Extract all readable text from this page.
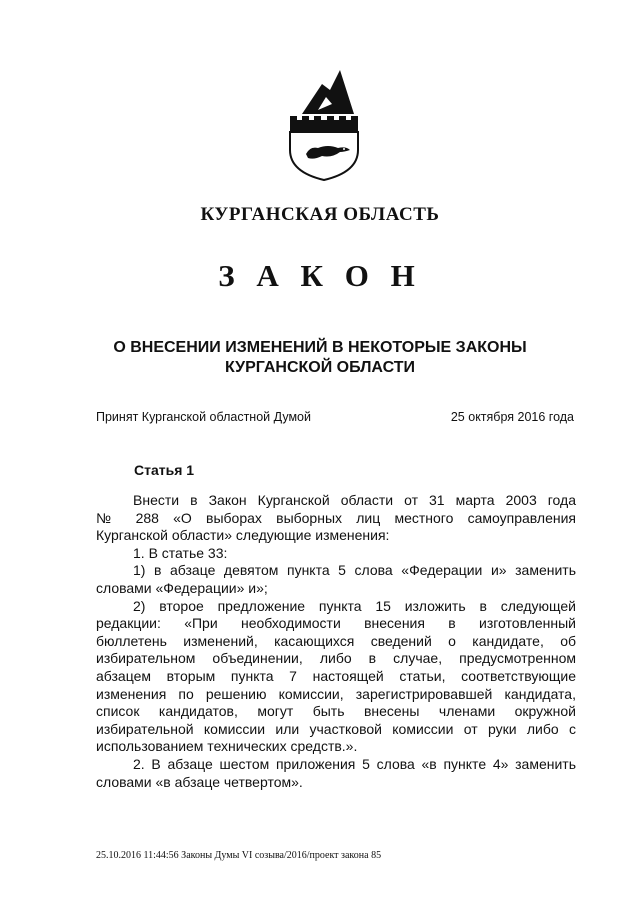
КУРГАНСКАЯ ОБЛАСТЬ
З А К О Н
О ВНЕСЕНИИ ИЗМЕНЕНИЙ В НЕКОТОРЫЕ ЗАКОНЫ
КУРГАНСКОЙ ОБЛАСТИ
Принят Курганской областной Думой	25 октября 2016 года
Статья 1
Внести в Закон Курганской области от 31 марта 2003 года
№ 288 «О выборах выборных лиц местного самоуправления
Курганской области» следующие изменения:
1. В статье 33:
1) в абзаце девятом пункта 5 слова «Федерации и» заменить
словами «Федерации» и»;
2) второе предложение пункта 15 изложить в следующей
редакции: «При необходимости внесения в изготовленный
бюллетень изменений, касающихся сведений о кандидате, об
избирательном объединении, либо в случае, предусмотренном
абзацем вторым пункта 7 настоящей статьи, соответствующие
изменения по решению комиссии, зарегистрировавшей кандидата,
список кандидатов, могут быть внесены членами окружной
избирательной комиссии или участковой комиссии от руки либо с
использованием технических средств.».
2. В абзаце шестом приложения 5 слова «в пункте 4» заменить
словами «в абзаце четвертом».
25.10.2016 11:44:56 Законы Думы VI созыва/2016/проект закона 85
